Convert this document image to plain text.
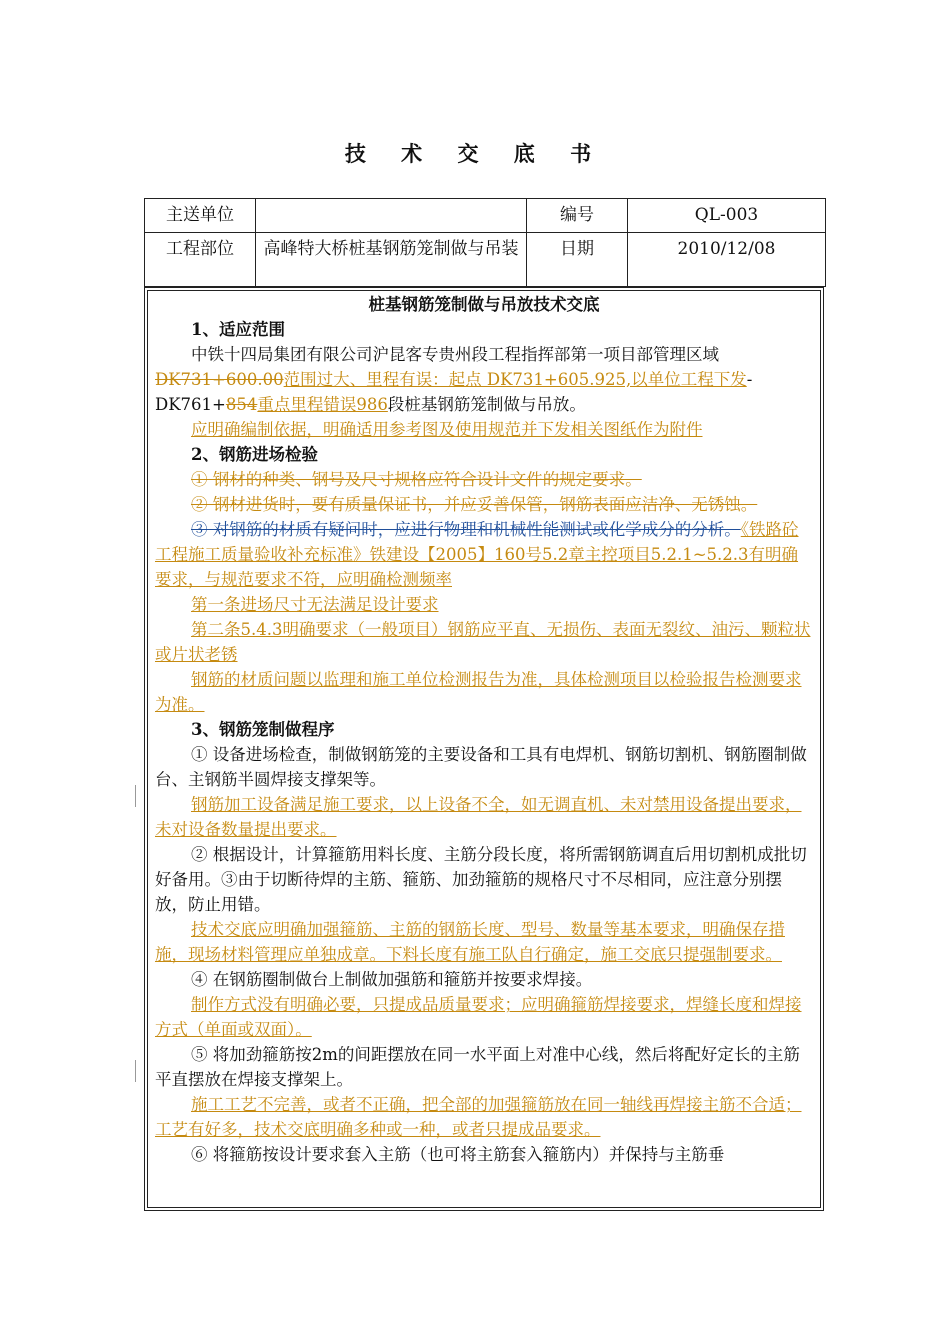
技 术 交 底 书
主送单位		编号	QL-003
工程部位	高峰特大桥桩基钢筋笼制做与吊装	日期	2010/12/08

桩基钢筋笼制做与吊放技术交底

1、适应范围

中铁十四局集团有限公司沪昆客专贵州段工程指挥部第一项目部管理区域

DK731+600.00范围过大、里程有误：起点 DK731+605.925,以单位工程下发-DK761+854重点里程错误986段桩基钢筋笼制做与吊放。

应明确编制依据，明确适用参考图及使用规范并下发相关图纸作为附件

2、钢筋进场检验

① 钢材的种类、钢号及尺寸规格应符合设计文件的规定要求。

② 钢材进货时，要有质量保证书，并应妥善保管，钢筋表面应洁净、无锈蚀。

③ 对钢筋的材质有疑问时，应进行物理和机械性能测试或化学成分的分析。《铁路砼工程施工质量验收补充标准》铁建设【2005】160号5.2章主控项目5.2.1~5.2.3有明确要求，与规范要求不符，应明确检测频率

第一条进场尺寸无法满足设计要求

第二条5.4.3明确要求（一般项目）钢筋应平直、无损伤、表面无裂纹、油污、颗粒状或片状老锈

钢筋的材质问题以监理和施工单位检测报告为准，具体检测项目以检验报告检测要求为准。

3、钢筋笼制做程序

① 设备进场检查，制做钢筋笼的主要设备和工具有电焊机、钢筋切割机、钢筋圈制做台、主钢筋半圆焊接支撑架等。

钢筋加工设备满足施工要求，以上设备不全，如无调直机、未对禁用设备提出要求，未对设备数量提出要求。

② 根据设计，计算箍筋用料长度、主筋分段长度，将所需钢筋调直后用切割机成批切好备用。③由于切断待焊的主筋、箍筋、加劲箍筋的规格尺寸不尽相同，应注意分别摆放，防止用错。

技术交底应明确加强箍筋、主筋的钢筋长度、型号、数量等基本要求，明确保存措施，现场材料管理应单独成章。下料长度有施工队自行确定，施工交底只提强制要求。

④ 在钢筋圈制做台上制做加强筋和箍筋并按要求焊接。

制作方式没有明确必要，只提成品质量要求；应明确箍筋焊接要求，焊缝长度和焊接方式（单面或双面）。

⑤ 将加劲箍筋按2m的间距摆放在同一水平面上对准中心线，然后将配好定长的主筋平直摆放在焊接支撑架上。

施工工艺不完善，或者不正确，把全部的加强箍筋放在同一轴线再焊接主筋不合适；工艺有好多，技术交底明确多种或一种，或者只提成品要求。

⑥ 将箍筋按设计要求套入主筋（也可将主筋套入箍筋内）并保持与主筋垂
